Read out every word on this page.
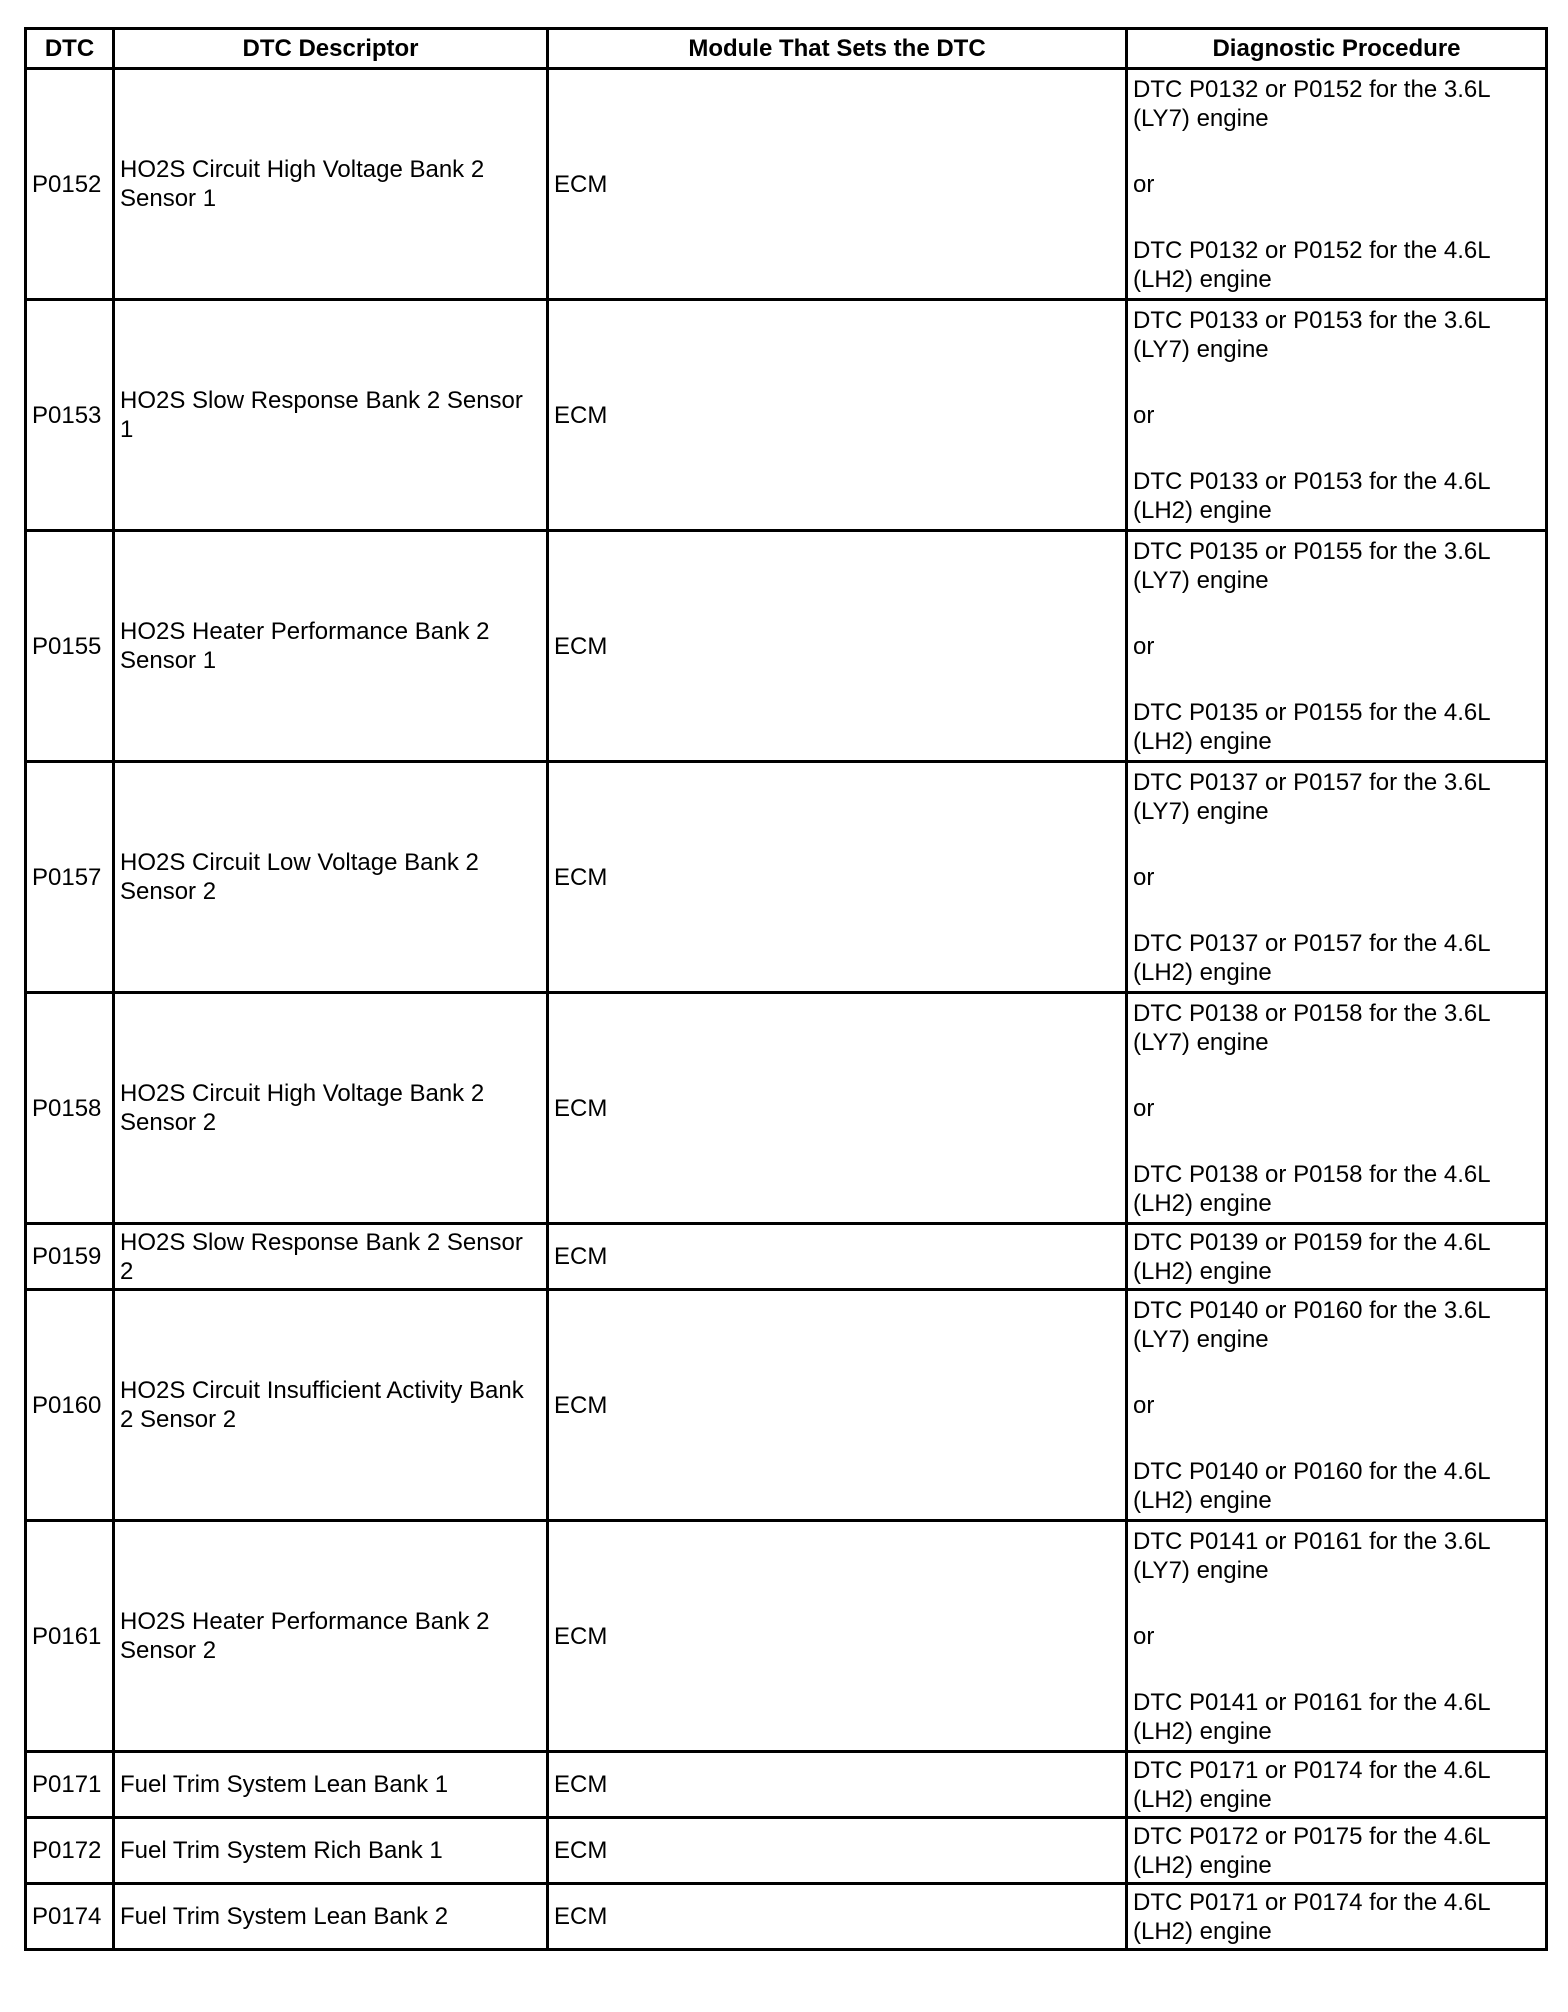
DTC	DTC Descriptor	Module That Sets the DTC	Diagnostic Procedure
P0152	HO2S Circuit High Voltage Bank 2 Sensor 1	ECM	DTC P0132 or P0152 for the 3.6L (LY7) engine
or
DTC P0132 or P0152 for the 4.6L (LH2) engine

P0153	HO2S Slow Response Bank 2 Sensor 1	ECM	DTC P0133 or P0153 for the 3.6L (LY7) engine
or
DTC P0133 or P0153 for the 4.6L (LH2) engine

P0155	HO2S Heater Performance Bank 2 Sensor 1	ECM	DTC P0135 or P0155 for the 3.6L (LY7) engine
or
DTC P0135 or P0155 for the 4.6L (LH2) engine

P0157	HO2S Circuit Low Voltage Bank 2 Sensor 2	ECM	DTC P0137 or P0157 for the 3.6L (LY7) engine
or
DTC P0137 or P0157 for the 4.6L (LH2) engine

P0158	HO2S Circuit High Voltage Bank 2 Sensor 2	ECM	DTC P0138 or P0158 for the 3.6L (LY7) engine
or
DTC P0138 or P0158 for the 4.6L (LH2) engine

P0159	HO2S Slow Response Bank 2 Sensor 2	ECM	DTC P0139 or P0159 for the 4.6L (LH2) engine

P0160	HO2S Circuit Insufficient Activity Bank 2 Sensor 2	ECM	DTC P0140 or P0160 for the 3.6L (LY7) engine
or
DTC P0140 or P0160 for the 4.6L (LH2) engine

P0161	HO2S Heater Performance Bank 2 Sensor 2	ECM	DTC P0141 or P0161 for the 3.6L (LY7) engine
or
DTC P0141 or P0161 for the 4.6L (LH2) engine

P0171	Fuel Trim System Lean Bank 1	ECM	DTC P0171 or P0174 for the 4.6L (LH2) engine

P0172	Fuel Trim System Rich Bank 1	ECM	DTC P0172 or P0175 for the 4.6L (LH2) engine

P0174	Fuel Trim System Lean Bank 2	ECM	DTC P0171 or P0174 for the 4.6L (LH2) engine
